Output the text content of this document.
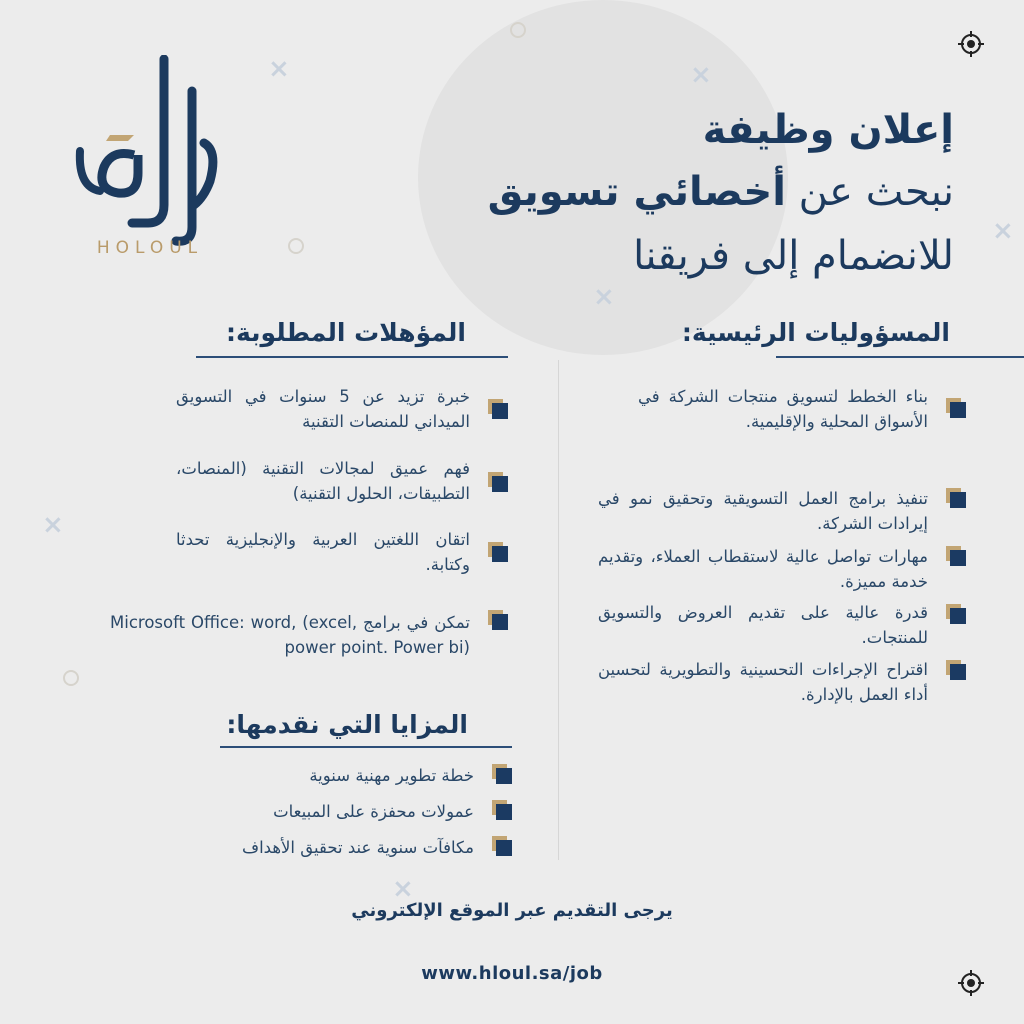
×
×
×
×
×
×
HOLOUL
إعلان وظيفة
نبحث عن أخصائي تسويق
للانضمام إلى فريقنا
المسؤوليات الرئيسية:
بناء الخطط لتسويق منتجات الشركة في الأسواق المحلية والإقليمية.
تنفيذ برامج العمل التسويقية وتحقيق نمو في إيرادات الشركة.
مهارات تواصل عالية لاستقطاب العملاء، وتقديم خدمة مميزة.
قدرة عالية على تقديم العروض والتسويق للمنتجات.
اقتراح الإجراءات التحسينية والتطويرية لتحسين أداء العمل بالإدارة.
المؤهلات المطلوبة:
خبرة تزيد عن 5 سنوات في التسويق الميداني للمنصات التقنية
فهم عميق لمجالات التقنية (المنصات، التطبيقات، الحلول التقنية)
اتقان اللغتين العربية والإنجليزية تحدثا وكتابة.
تمكن في برامج Microsoft Office: word, (excel, power point. Power bi)
المزايا التي نقدمها:
خطة تطوير مهنية سنوية
عمولات محفزة على المبيعات
مكافآت سنوية عند تحقيق الأهداف
يرجى التقديم عبر الموقع الإلكتروني
www.hloul.sa/job
